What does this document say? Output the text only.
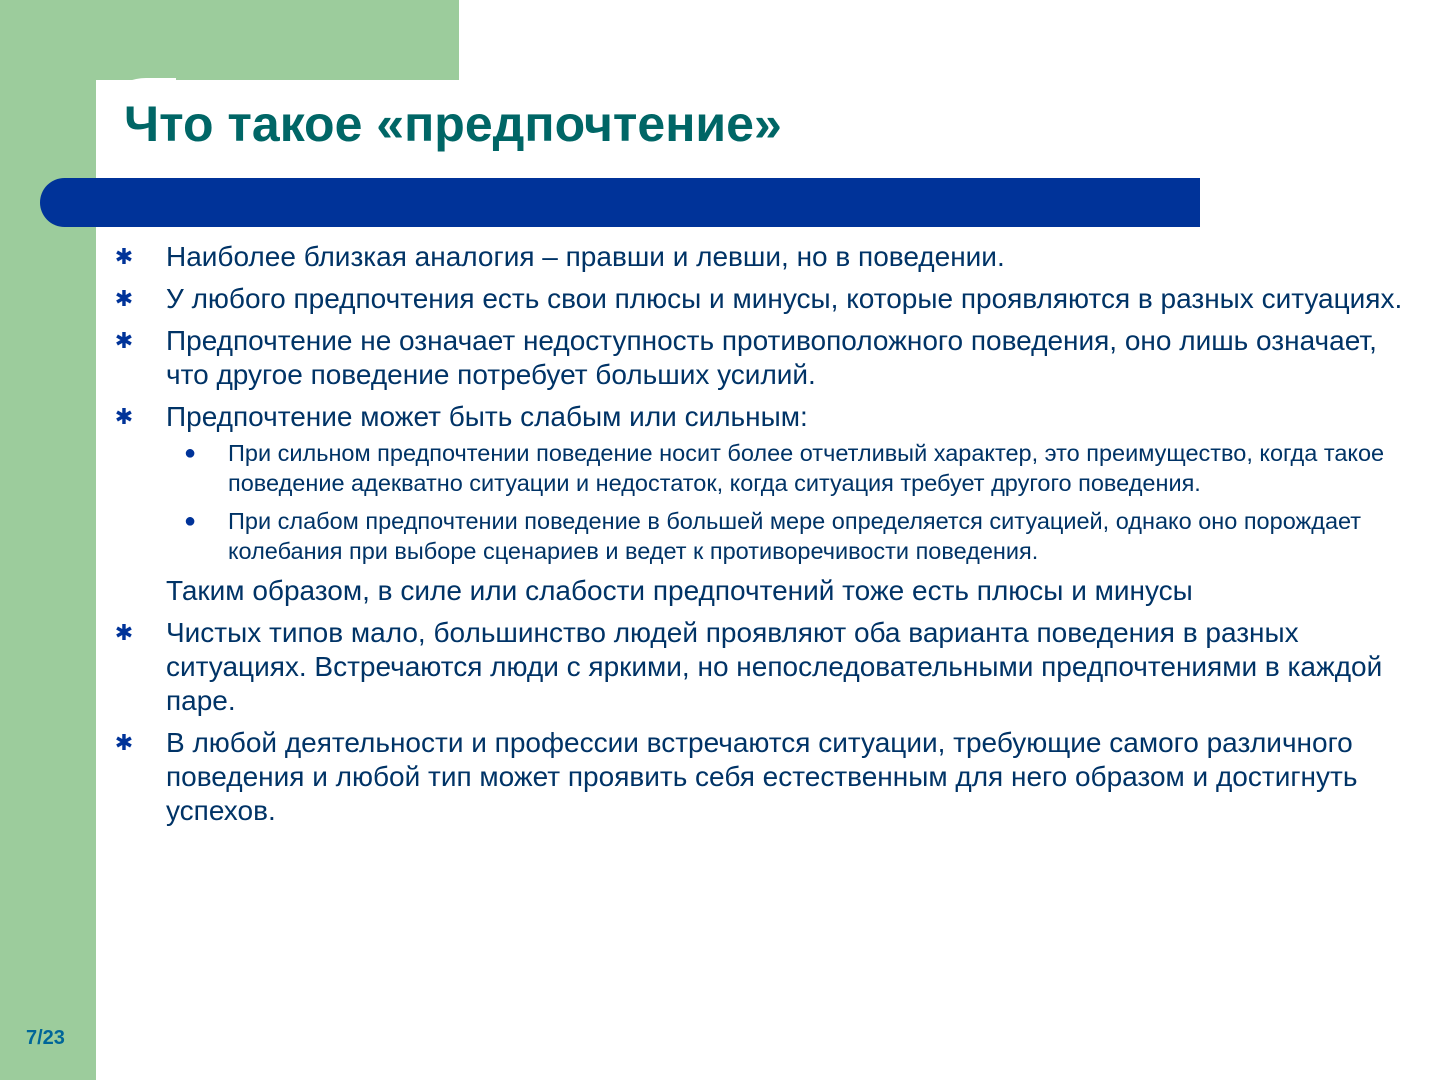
Что такое «предпочтение»
✱ Наиболее близкая аналогия – правши и левши, но в поведении.
✱ У любого предпочтения есть свои плюсы и минусы, которые проявляются в разных ситуациях.
✱ Предпочтение не означает недоступность противоположного поведения, оно лишь означает, что другое поведение потребует больших усилий.
✱ Предпочтение может быть слабым или сильным:
● При сильном предпочтении поведение носит более отчетливый характер, это преимущество, когда такое поведение адекватно ситуации и недостаток, когда ситуация требует другого поведения.
● При слабом предпочтении поведение в большей мере определяется ситуацией, однако оно порождает колебания при выборе сценариев и ведет к противоречивости поведения.
Таким образом, в силе или слабости предпочтений тоже есть плюсы и минусы
✱ Чистых типов мало, большинство людей проявляют оба варианта поведения в разных ситуациях. Встречаются люди с яркими, но непоследовательными предпочтениями в каждой паре.
✱ В любой деятельности и профессии встречаются ситуации, требующие самого различного поведения и любой тип может проявить себя естественным для него образом и достигнуть успехов.
7/23
